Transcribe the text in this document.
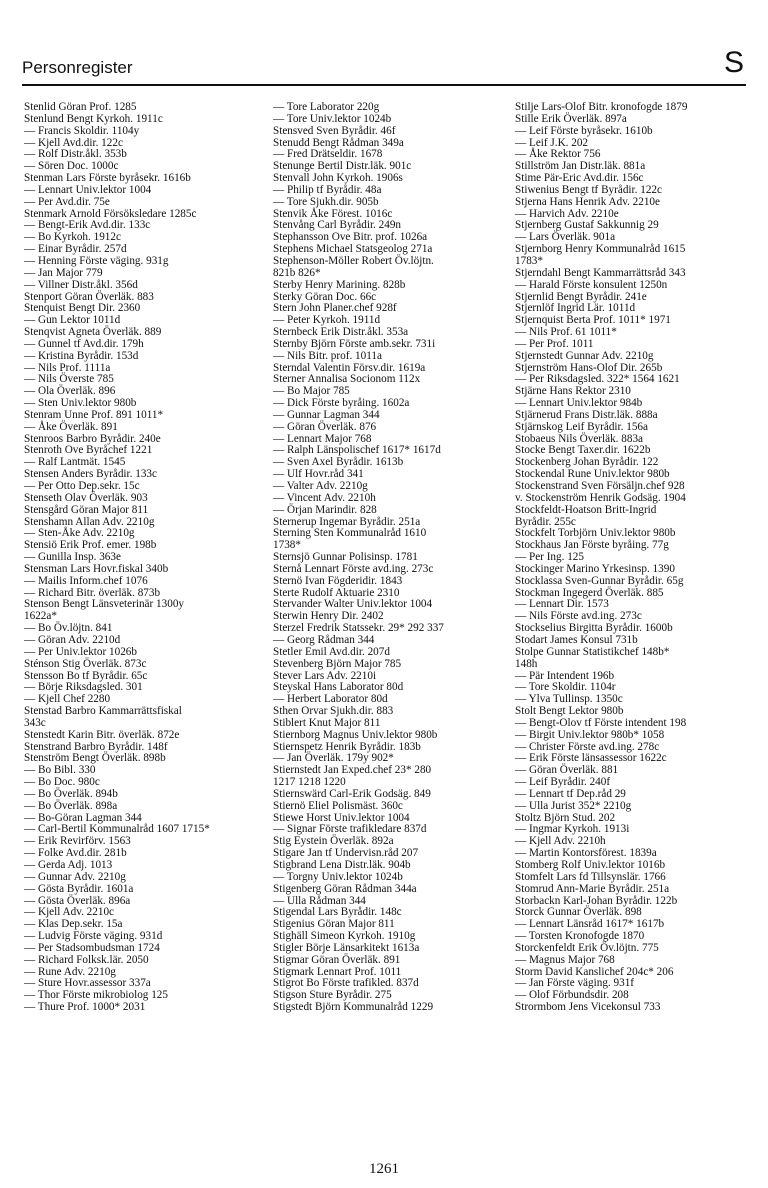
Personregister	S
Stenlid Göran Prof. 1285
Stenlund Bengt Kyrkoh. 1911c
— Francis Skoldir. 1104y
— Kjell Avd.dir. 122c
— Rolf Distr.åkl. 353b
— Sören Doc. 1000c
Stenman Lars Förste byråsekr. 1616b
— Lennart Univ.lektor 1004
— Per Avd.dir. 75e
Stenmark Arnold Försöksledare 1285c
— Bengt-Erik Avd.dir. 133c
— Bo Kyrkoh. 1912c
— Einar Byrådir. 257d
— Henning Förste väging. 931g
— Jan Major 779
— Villner Distr.åkl. 356d
Stenport Göran Överläk. 883
Stenquist Bengt Dir. 2360
— Gun Lektor 1011d
Stenqvist Agneta Överläk. 889
— Gunnel tf Avd.dir. 179h
— Kristina Byrådir. 153d
— Nils Prof. 1111a
— Nils Överste 785
— Ola Överläk. 896
— Sten Univ.lektor 980b
Stenram Unne Prof. 891 1011*
— Åke Överläk. 891
Stenroos Barbro Byrådir. 240e
Stenroth Ove Byråchef 1221
— Ralf Lantmät. 1545
Stensen Anders Byrådir. 133c
— Per Otto Dep.sekr. 15c
Stenseth Olav Överläk. 903
Stensgård Göran Major 811
Stenshamn Allan Adv. 2210g
— Sten-Åke Adv. 2210g
Stensiö Erik Prof. emer. 198b
— Gunilla Insp. 363e
Stensman Lars Hovr.fiskal 340b
— Mailis Inform.chef 1076
— Richard Bitr. överläk. 873b
Stenson Bengt Länsveterinär 1300y
1622a*
— Bo Öv.löjtn. 841
— Göran Adv. 2210d
— Per Univ.lektor 1026b
Sténson Stig Överläk. 873c
Stensson Bo tf Byrådir. 65c
— Börje Riksdagsled. 301
— Kjell Chef 2280
Stenstad Barbro Kammarrättsfiskal
343c
Stenstedt Karin Bitr. överläk. 872e
Stenstrand Barbro Byrådir. 148f
Stenström Bengt Överläk. 898b
— Bo Bibl. 330
— Bo Doc. 980c
— Bo Överläk. 894b
— Bo Överläk. 898a
— Bo-Göran Lagman 344
— Carl-Bertil Kommunalråd 1607 1715*
— Erik Revirförv. 1563
— Folke Avd.dir. 281b
— Gerda Adj. 1013
— Gunnar Adv. 2210g
— Gösta Byrådir. 1601a
— Gösta Överläk. 896a
— Kjell Adv. 2210c
— Klas Dep.sekr. 15a
— Ludvig Förste väging. 931d
— Per Stadsombudsman 1724
— Richard Folksk.lär. 2050
— Rune Adv. 2210g
— Sture Hovr.assessor 337a
— Thor Förste mikrobiolog 125
— Thure Prof. 1000* 2031
— Tore Laborator 220g
— Tore Univ.lektor 1024b
Stensved Sven Byrådir. 46f
Stenudd Bengt Rådman 349a
— Fred Drätseldir. 1678
Stenunge Bertil Distr.läk. 901c
Stenvall John Kyrkoh. 1906s
— Philip tf Byrådir. 48a
— Tore Sjukh.dir. 905b
Stenvik Åke Förest. 1016c
Stenvång Carl Byrådir. 249n
Stephansson Ove Bitr. prof. 1026a
Stephens Michael Statsgeolog 271a
Stephenson-Möller Robert Öv.löjtn.
821b 826*
Sterby Henry Marining. 828b
Sterky Göran Doc. 66c
Stern John Planer.chef 928f
— Peter Kyrkoh. 1911d
Sternbeck Erik Distr.åkl. 353a
Sternby Björn Förste amb.sekr. 731i
— Nils Bitr. prof. 1011a
Sterndal Valentin Försv.dir. 1619a
Sterner Annalisa Socionom 112x
— Bo Major 785
— Dick Förste byråing. 1602a
— Gunnar Lagman 344
— Göran Överläk. 876
— Lennart Major 768
— Ralph Länspolischef 1617* 1617d
— Sven Axel Byrådir. 1613b
— Ulf Hovr.råd 341
— Valter Adv. 2210g
— Vincent Adv. 2210h
— Örjan Marindir. 828
Sternerup Ingemar Byrådir. 251a
Sterning Sten Kommunalråd 1610
1738*
Sternsjö Gunnar Polisinsp. 1781
Sternå Lennart Förste avd.ing. 273c
Sternö Ivan Fögderidir. 1843
Sterte Rudolf Aktuarie 2310
Stervander Walter Univ.lektor 1004
Sterwin Henry Dir. 2402
Sterzel Fredrik Statssekr. 29* 292 337
— Georg Rådman 344
Stetler Emil Avd.dir. 207d
Stevenberg Björn Major 785
Stever Lars Adv. 2210i
Steyskal Hans Laborator 80d
— Herbert Laborator 80d
Sthen Orvar Sjukh.dir. 883
Stiblert Knut Major 811
Stiernborg Magnus Univ.lektor 980b
Stiernspetz Henrik Byrådir. 183b
— Jan Överläk. 179y 902*
Stiernstedt Jan Exped.chef 23* 280
1217 1218 1220
Stiernswärd Carl-Erik Godsäg. 849
Stiernö Eliel Polismäst. 360c
Stiewe Horst Univ.lektor 1004
— Signar Förste trafikledare 837d
Stig Eystein Överläk. 892a
Stigare Jan tf Undervisn.råd 207
Stigbrand Lena Distr.läk. 904b
— Torgny Univ.lektor 1024b
Stigenberg Göran Rådman 344a
— Ulla Rådman 344
Stigendal Lars Byrådir. 148c
Stigenius Göran Major 811
Stighäll Simeon Kyrkoh. 1910g
Stigler Börje Länsarkitekt 1613a
Stigmar Göran Överläk. 891
Stigmark Lennart Prof. 1011
Stigrot Bo Förste trafikled. 837d
Stigson Sture Byrådir. 275
Stigstedt Björn Kommunalråd 1229
Stilje Lars-Olof Bitr. kronofogde 1879
Stille Erik Överläk. 897a
— Leif Förste byråsekr. 1610b
— Leif J.K. 202
— Åke Rektor 756
Stillström Jan Distr.läk. 881a
Stime Pär-Eric Avd.dir. 156c
Stiwenius Bengt tf Byrådir. 122c
Stjerna Hans Henrik Adv. 2210e
— Harvich Adv. 2210e
Stjernberg Gustaf Sakkunnig 29
— Lars Överläk. 901a
Stjernborg Henry Kommunalråd 1615
1783*
Stjerndahl Bengt Kammarrättsråd 343
— Harald Förste konsulent 1250n
Stjernlid Bengt Byrådir. 241e
Stjernlöf Ingrid Lär. 1011d
Stjernquist Berta Prof. 1011* 1971
— Nils Prof. 61 1011*
— Per Prof. 1011
Stjernstedt Gunnar Adv. 2210g
Stjernström Hans-Olof Dir. 265b
— Per Riksdagsled. 322* 1564 1621
Stjärne Hans Rektor 2310
— Lennart Univ.lektor 984b
Stjärnerud Frans Distr.läk. 888a
Stjärnskog Leif Byrådir. 156a
Stobaeus Nils Överläk. 883a
Stocke Bengt Taxer.dir. 1622b
Stockenberg Johan Byrådir. 122
Stockendal Rune Univ.lektor 980b
Stockenstrand Sven Försäljn.chef 928
v. Stockenström Henrik Godsäg. 1904
Stockfeldt-Hoatson Britt-Ingrid
Byrådir. 255c
Stockfelt Torbjörn Univ.lektor 980b
Stockhaus Jan Förste byråing. 77g
— Per Ing. 125
Stockinger Marino Yrkesinsp. 1390
Stocklassa Sven-Gunnar Byrådir. 65g
Stockman Ingegerd Överläk. 885
— Lennart Dir. 1573
— Nils Förste avd.ing. 273c
Stockselius Birgitta Byrådir. 1600b
Stodart James Konsul 731b
Stolpe Gunnar Statistikchef 148b*
148h
— Pär Intendent 196b
— Tore Skoldir. 1104r
— Ylva Tullinsp. 1350c
Stolt Bengt Lektor 980b
— Bengt-Olov tf Förste intendent 198
— Birgit Univ.lektor 980b* 1058
— Christer Förste avd.ing. 278c
— Erik Förste länsassessor 1622c
— Göran Överläk. 881
— Leif Byrådir. 240f
— Lennart tf Dep.råd 29
— Ulla Jurist 352* 2210g
Stoltz Björn Stud. 202
— Ingmar Kyrkoh. 1913i
— Kjell Adv. 2210h
— Martin Kontorsförest. 1839a
Stomberg Rolf Univ.lektor 1016b
Stomfelt Lars fd Tillsynslär. 1766
Stomrud Ann-Marie Byrådir. 251a
Storbackn Karl-Johan Byrådir. 122b
Storck Gunnar Överläk. 898
— Lennart Länsråd 1617* 1617b
— Torsten Kronofogde 1870
Storckenfeldt Erik Öv.löjtn. 775
— Magnus Major 768
Storm David Kanslichef 204c* 206
— Jan Förste väging. 931f
— Olof Förbundsdir. 208
Strormbom Jens Vicekonsul 733
1261
